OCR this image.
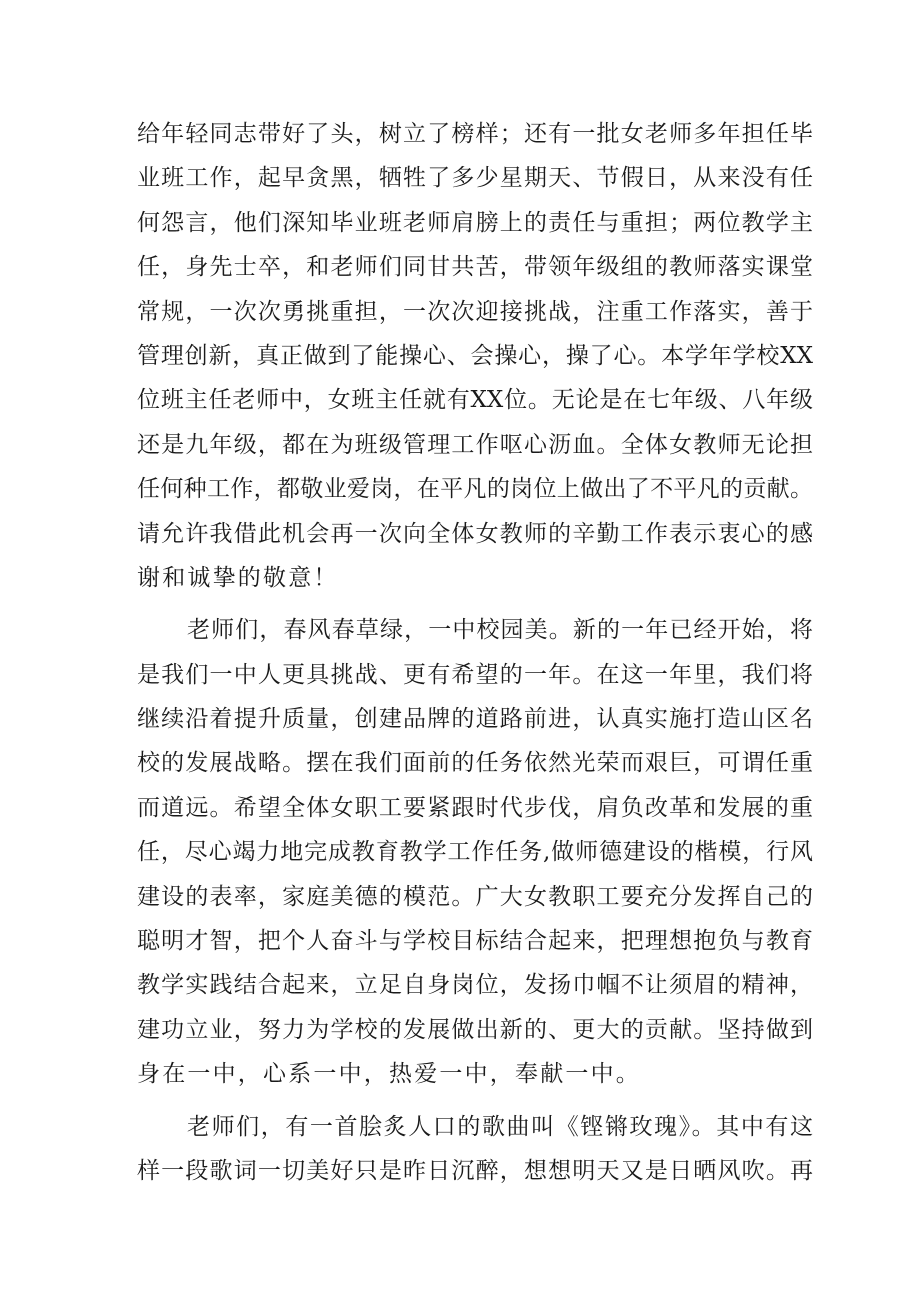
给年轻同志带好了头，树立了榜样；还有一批女老师多年担任毕
业班工作，起早贪黑，牺牲了多少星期天、节假日，从来没有任
何怨言，他们深知毕业班老师肩膀上的责任与重担；两位教学主
任，身先士卒，和老师们同甘共苦，带领年级组的教师落实课堂
常规，一次次勇挑重担，一次次迎接挑战，注重工作落实，善于
管理创新，真正做到了能操心、会操心，操了心。本学年学校XX
位班主任老师中，女班主任就有XX位。无论是在七年级、八年级
还是九年级，都在为班级管理工作呕心沥血。全体女教师无论担
任何种工作，都敬业爱岗，在平凡的岗位上做出了不平凡的贡献。
请允许我借此机会再一次向全体女教师的辛勤工作表示衷心的感
谢和诚挚的敬意！
老师们，春风春草绿，一中校园美。新的一年已经开始，将
是我们一中人更具挑战、更有希望的一年。在这一年里，我们将
继续沿着提升质量，创建品牌的道路前进，认真实施打造山区名
校的发展战略。摆在我们面前的任务依然光荣而艰巨，可谓任重
而道远。希望全体女职工要紧跟时代步伐，肩负改革和发展的重
任，尽心竭力地完成教育教学工作任务,做师德建设的楷模，行风
建设的表率，家庭美德的模范。广大女教职工要充分发挥自己的
聪明才智，把个人奋斗与学校目标结合起来，把理想抱负与教育
教学实践结合起来，立足自身岗位，发扬巾帼不让须眉的精神，
建功立业，努力为学校的发展做出新的、更大的贡献。坚持做到
身在一中，心系一中，热爱一中，奉献一中。
老师们，有一首脍炙人口的歌曲叫《铿锵玫瑰》。其中有这
样一段歌词一切美好只是昨日沉醉，想想明天又是日晒风吹。再
